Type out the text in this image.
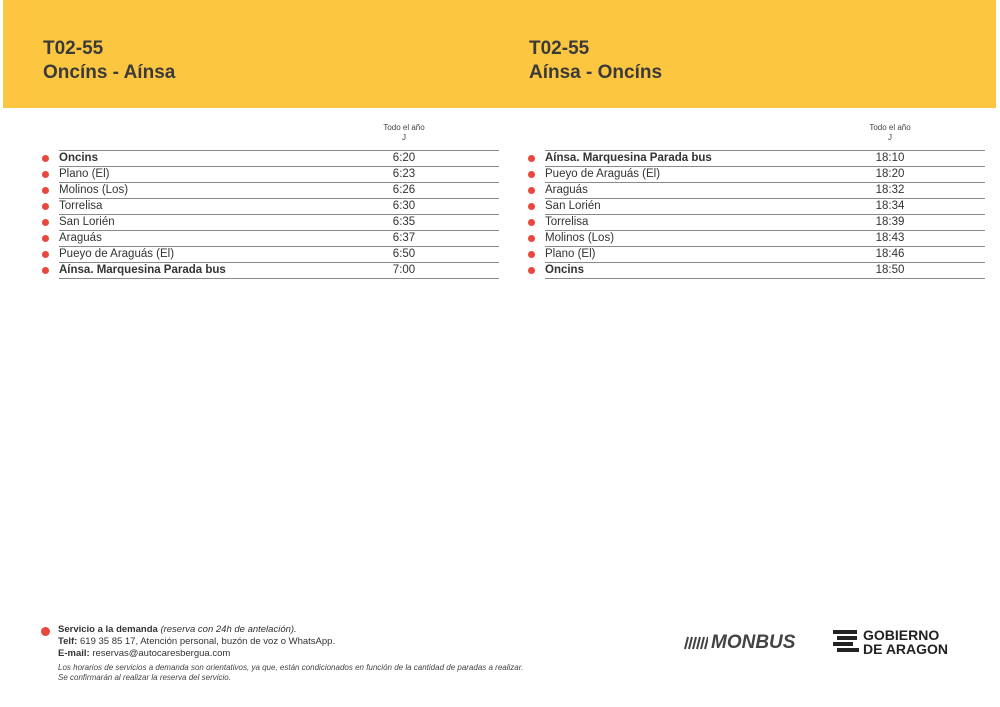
T02-55
Oncíns - Aínsa
T02-55
Aínsa - Oncíns
Todo el año
J
Oncins	6:20
Plano (El)	6:23
Molinos (Los)	6:26
Torrelisa	6:30
San Lorién	6:35
Araguás	6:37
Pueyo de Araguás (El)	6:50
Aínsa. Marquesina Parada bus	7:00
Todo el año
J
Aínsa. Marquesina Parada bus	18:10
Pueyo de Araguás (El)	18:20
Araguás	18:32
San Lorién	18:34
Torrelisa	18:39
Molinos (Los)	18:43
Plano (El)	18:46
Oncins	18:50
Servicio a la demanda (reserva con 24h de antelación).
Telf: 619 35 85 17, Atención personal, buzón de voz o WhatsApp.
E-mail: reservas@autocaresbergua.com
Los horarios de servicios a demanda son orientativos, ya que, están condicionados en función de la cantidad de paradas a realizar.
Se confirmarán al realizar la reserva del servicio.
MONBUS	GOBIERNO
DE ARAGON
